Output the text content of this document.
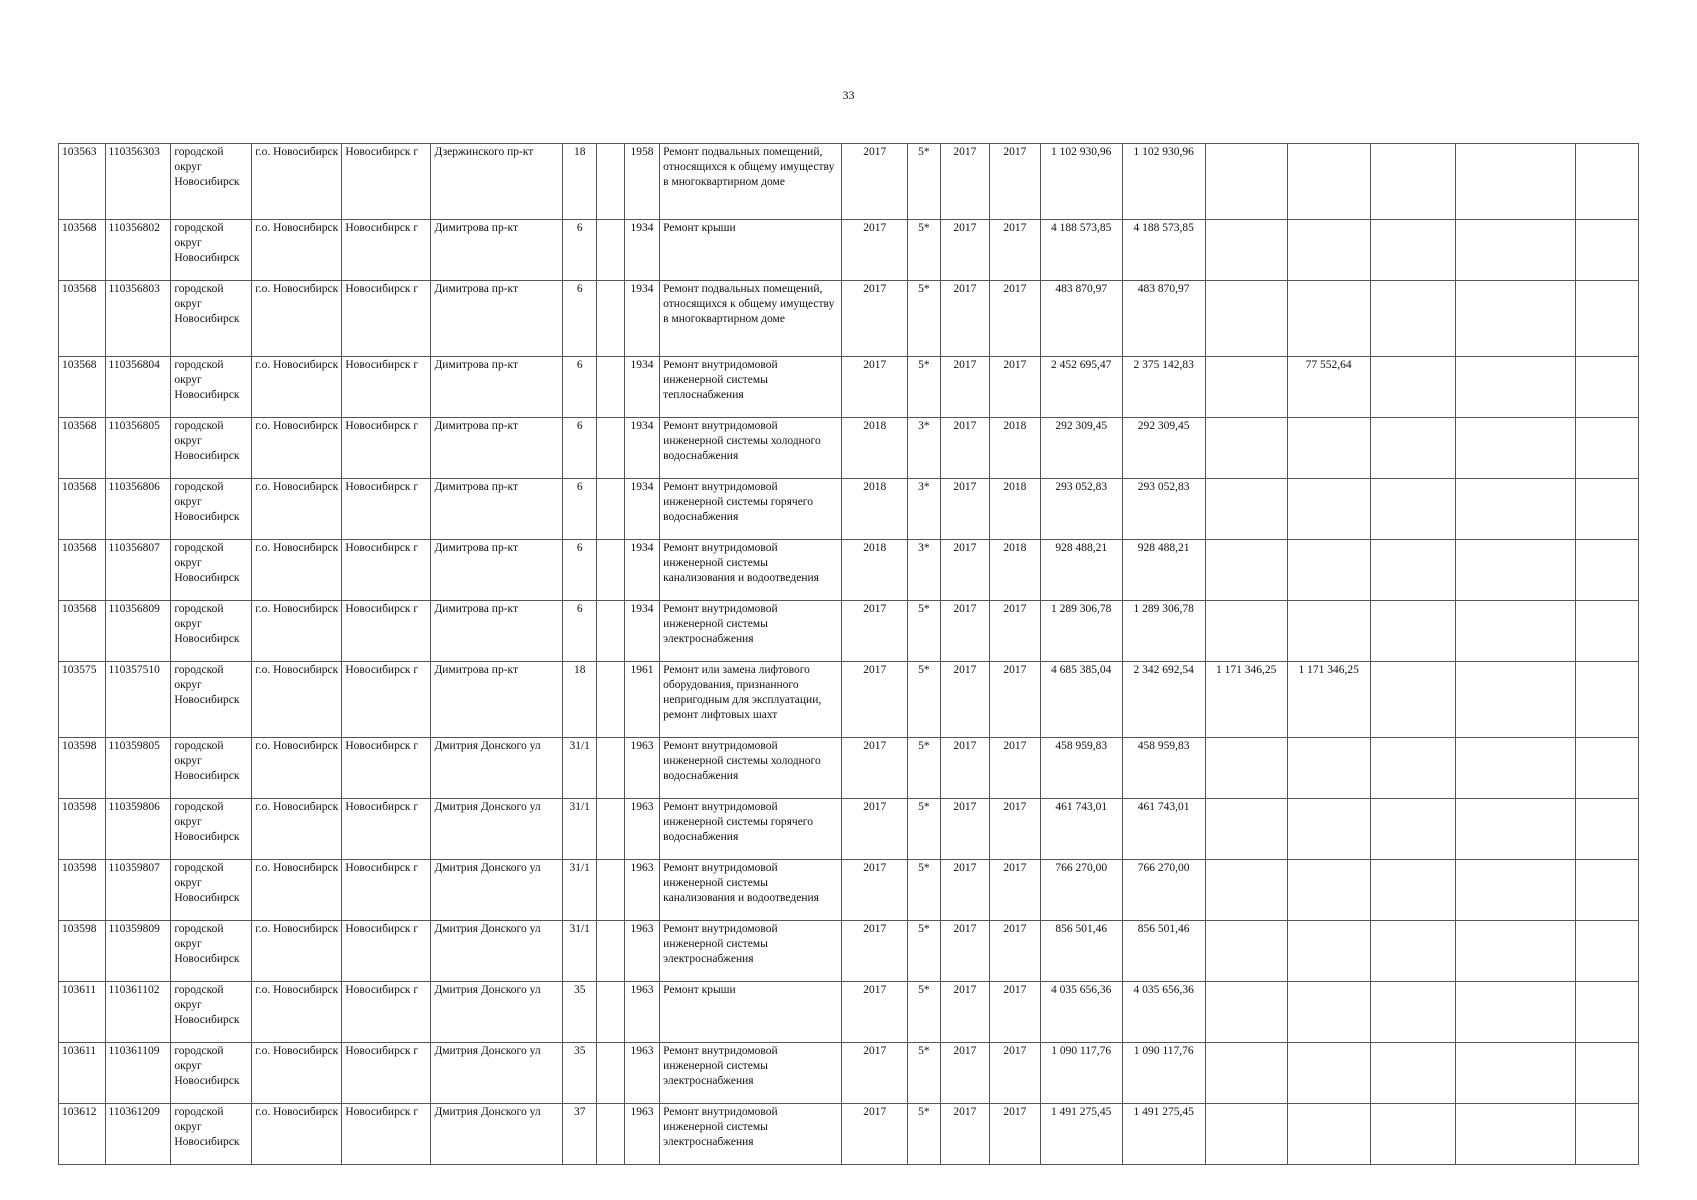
33
103563	110356303	городской округ Новосибирск	г.о. Новосибирск	Новосибирск г	Дзержинского пр-кт	18		1958	Ремонт подвальных помещений, относящихся к общему имуществу в многоквартирном доме	2017	5*	2017	2017	1 102 930,96	1 102 930,96					
103568	110356802	городской округ Новосибирск	г.о. Новосибирск	Новосибирск г	Димитрова пр-кт	6		1934	Ремонт крыши	2017	5*	2017	2017	4 188 573,85	4 188 573,85					
103568	110356803	городской округ Новосибирск	г.о. Новосибирск	Новосибирск г	Димитрова пр-кт	6		1934	Ремонт подвальных помещений, относящихся к общему имуществу в многоквартирном доме	2017	5*	2017	2017	483 870,97	483 870,97					
103568	110356804	городской округ Новосибирск	г.о. Новосибирск	Новосибирск г	Димитрова пр-кт	6		1934	Ремонт внутридомовой инженерной системы теплоснабжения	2017	5*	2017	2017	2 452 695,47	2 375 142,83		77 552,64			
103568	110356805	городской округ Новосибирск	г.о. Новосибирск	Новосибирск г	Димитрова пр-кт	6		1934	Ремонт внутридомовой инженерной системы холодного водоснабжения	2018	3*	2017	2018	292 309,45	292 309,45					
103568	110356806	городской округ Новосибирск	г.о. Новосибирск	Новосибирск г	Димитрова пр-кт	6		1934	Ремонт внутридомовой инженерной системы горячего водоснабжения	2018	3*	2017	2018	293 052,83	293 052,83					
103568	110356807	городской округ Новосибирск	г.о. Новосибирск	Новосибирск г	Димитрова пр-кт	6		1934	Ремонт внутридомовой инженерной системы канализования и водоотведения	2018	3*	2017	2018	928 488,21	928 488,21					
103568	110356809	городской округ Новосибирск	г.о. Новосибирск	Новосибирск г	Димитрова пр-кт	6		1934	Ремонт внутридомовой инженерной системы электроснабжения	2017	5*	2017	2017	1 289 306,78	1 289 306,78					
103575	110357510	городской округ Новосибирск	г.о. Новосибирск	Новосибирск г	Димитрова пр-кт	18		1961	Ремонт или замена лифтового оборудования, признанного непригодным для эксплуатации, ремонт лифтовых шахт	2017	5*	2017	2017	4 685 385,04	2 342 692,54	1 171 346,25	1 171 346,25			
103598	110359805	городской округ Новосибирск	г.о. Новосибирск	Новосибирск г	Дмитрия Донского ул	31/1		1963	Ремонт внутридомовой инженерной системы холодного водоснабжения	2017	5*	2017	2017	458 959,83	458 959,83					
103598	110359806	городской округ Новосибирск	г.о. Новосибирск	Новосибирск г	Дмитрия Донского ул	31/1		1963	Ремонт внутридомовой инженерной системы горячего водоснабжения	2017	5*	2017	2017	461 743,01	461 743,01					
103598	110359807	городской округ Новосибирск	г.о. Новосибирск	Новосибирск г	Дмитрия Донского ул	31/1		1963	Ремонт внутридомовой инженерной системы канализования и водоотведения	2017	5*	2017	2017	766 270,00	766 270,00					
103598	110359809	городской округ Новосибирск	г.о. Новосибирск	Новосибирск г	Дмитрия Донского ул	31/1		1963	Ремонт внутридомовой инженерной системы электроснабжения	2017	5*	2017	2017	856 501,46	856 501,46					
103611	110361102	городской округ Новосибирск	г.о. Новосибирск	Новосибирск г	Дмитрия Донского ул	35		1963	Ремонт крыши	2017	5*	2017	2017	4 035 656,36	4 035 656,36					
103611	110361109	городской округ Новосибирск	г.о. Новосибирск	Новосибирск г	Дмитрия Донского ул	35		1963	Ремонт внутридомовой инженерной системы электроснабжения	2017	5*	2017	2017	1 090 117,76	1 090 117,76					
103612	110361209	городской округ Новосибирск	г.о. Новосибирск	Новосибирск г	Дмитрия Донского ул	37		1963	Ремонт внутридомовой инженерной системы электроснабжения	2017	5*	2017	2017	1 491 275,45	1 491 275,45					
